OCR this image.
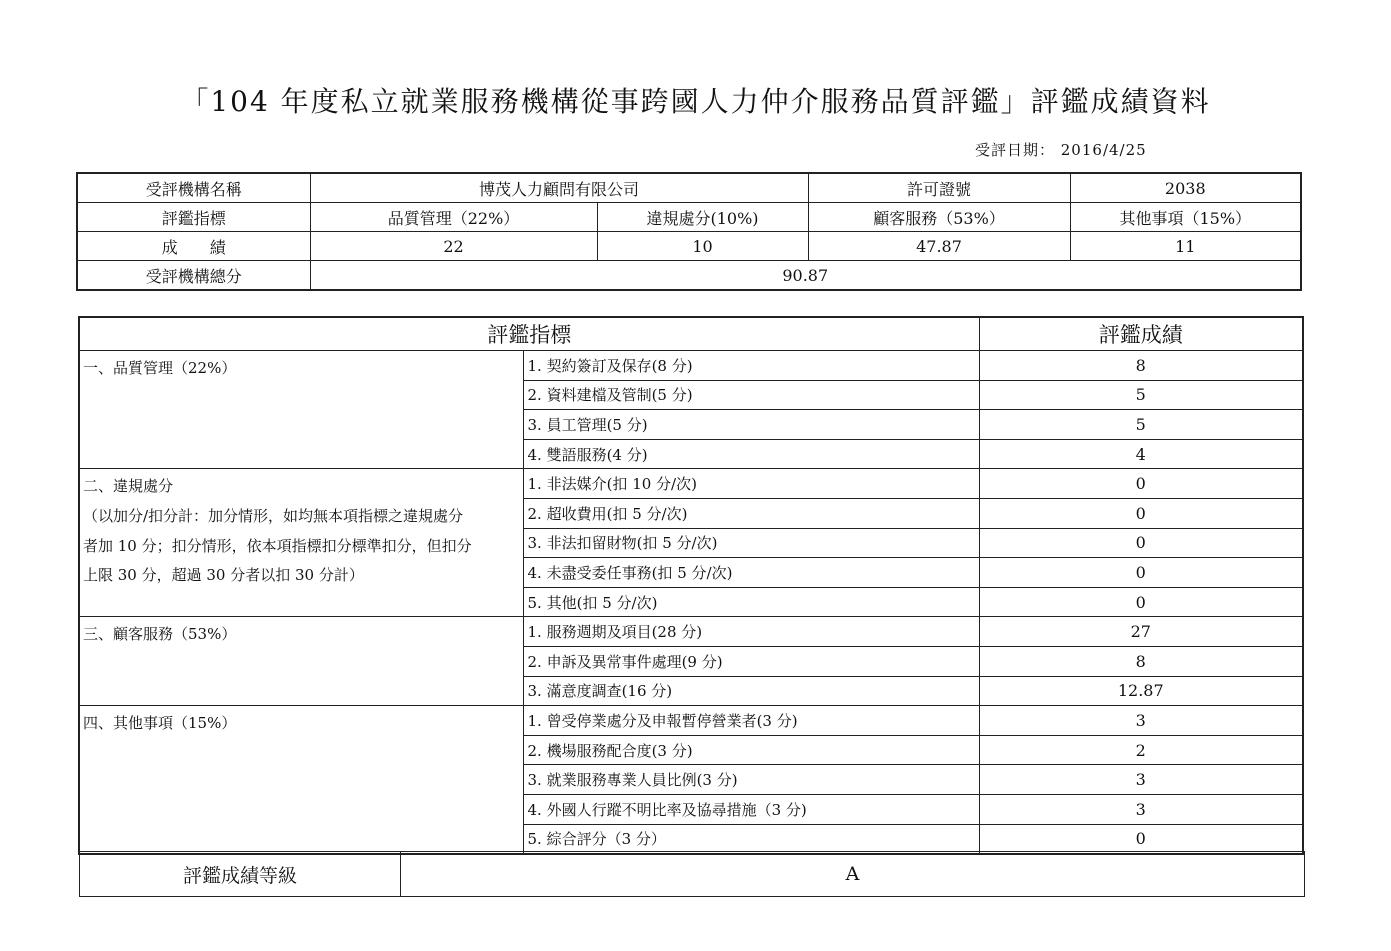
「104 年度私立就業服務機構從事跨國人力仲介服務品質評鑑」評鑑成績資料
受評日期： 2016/4/25
受評機構名稱	博茂人力顧問有限公司		許可證號	2038
評鑑指標	品質管理（22%）	違規處分(10%)	顧客服務（53%）	其他事項（15%）
成　　績	22	10	47.87	11
受評機構總分	90.87			
評鑑指標		評鑑成績

一、品質管理（22%）	1. 契約簽訂及保存(8 分)	8
	2. 資料建檔及管制(5 分)	5
	3. 員工管理(5 分)	5
	4. 雙語服務(4 分)	4

二、違規處分
（以加分/扣分計：加分情形，如均無本項指標之違規處分
者加 10 分；扣分情形，依本項指標扣分標準扣分，但扣分
上限 30 分，超過 30 分者以扣 30 分計）	1. 非法媒介(扣 10 分/次)	0
	2. 超收費用(扣 5 分/次)	0
	3. 非法扣留財物(扣 5 分/次)	0
	4. 未盡受委任事務(扣 5 分/次)	0
	5. 其他(扣 5 分/次)	0

三、顧客服務（53%）	1. 服務週期及項目(28 分)	27
	2. 申訴及異常事件處理(9 分)	8
	3. 滿意度調查(16 分)	12.87

四、其他事項（15%）	1. 曾受停業處分及申報暫停營業者(3 分)	3
	2. 機場服務配合度(3 分)	2
	3. 就業服務專業人員比例(3 分)	3
	4. 外國人行蹤不明比率及協尋措施（3 分)	3
	5. 綜合評分（3 分）	0
評鑑成績等級	A
